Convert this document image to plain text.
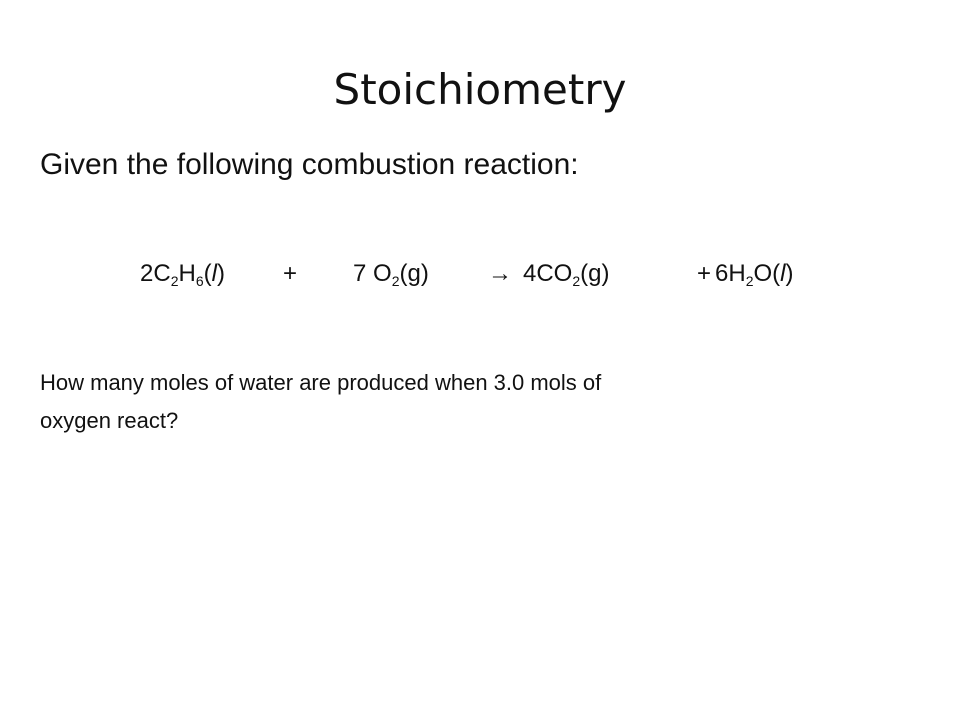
Stoichiometry
Given the following combustion reaction:
$2C_2H_6(l) + 7$ $O_2(g) \to 4CO_2(g)$	+ $6H_2O(l)$
How many moles of water are produced when 3.0 mols of
oxygen react?
